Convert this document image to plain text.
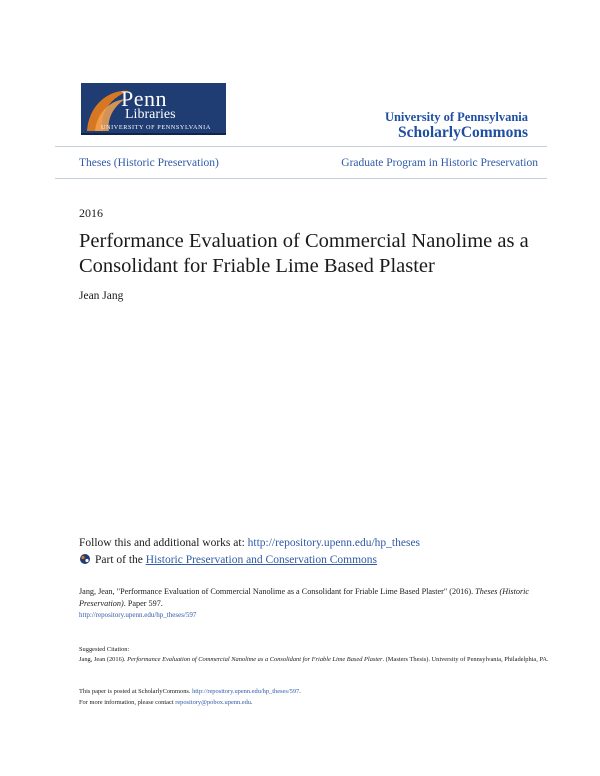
Penn
Libraries
UNIVERSITY OF PENNSYLVANIA
University of Pennsylvania
ScholarlyCommons
Theses (Historic Preservation)	Graduate Program in Historic Preservation
2016
Performance Evaluation of Commercial Nanolime as a Consolidant for Friable Lime Based Plaster
Jean Jang
Follow this and additional works at: http://repository.upenn.edu/hp_theses
Part of the Historic Preservation and Conservation Commons
Jang, Jean, "Performance Evaluation of Commercial Nanolime as a Consolidant for Friable Lime Based Plaster" (2016). Theses (Historic Preservation). Paper 597.
http://repository.upenn.edu/hp_theses/597
Suggested Citation:
Jang, Jean (2016). Performance Evaluation of Commercial Nanolime as a Consolidant for Friable Lime Based Plaster. (Masters Thesis). University of Pennsylvania, Philadelphia, PA.
This paper is posted at ScholarlyCommons. http://repository.upenn.edu/hp_theses/597.
For more information, please contact repository@pobox.upenn.edu.
